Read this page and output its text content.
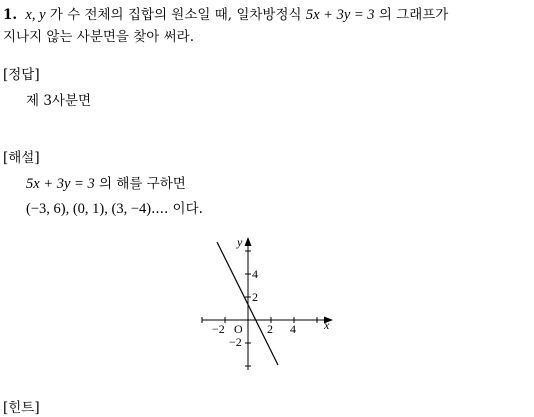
1. x, y 가 수 전체의 집합의 원소일 때, 일차방정식 5x + 3y = 3 의 그래프가
지나지 않는 사분면을 찾아 써라.
[정답]
제 3사분면
[해설]
5x + 3y = 3 의 해를 구하면
(−3, 6), (0, 1), (3, −4).... 이다.
y
x
O
−2	2 4
4
2
−2
[힌트]
